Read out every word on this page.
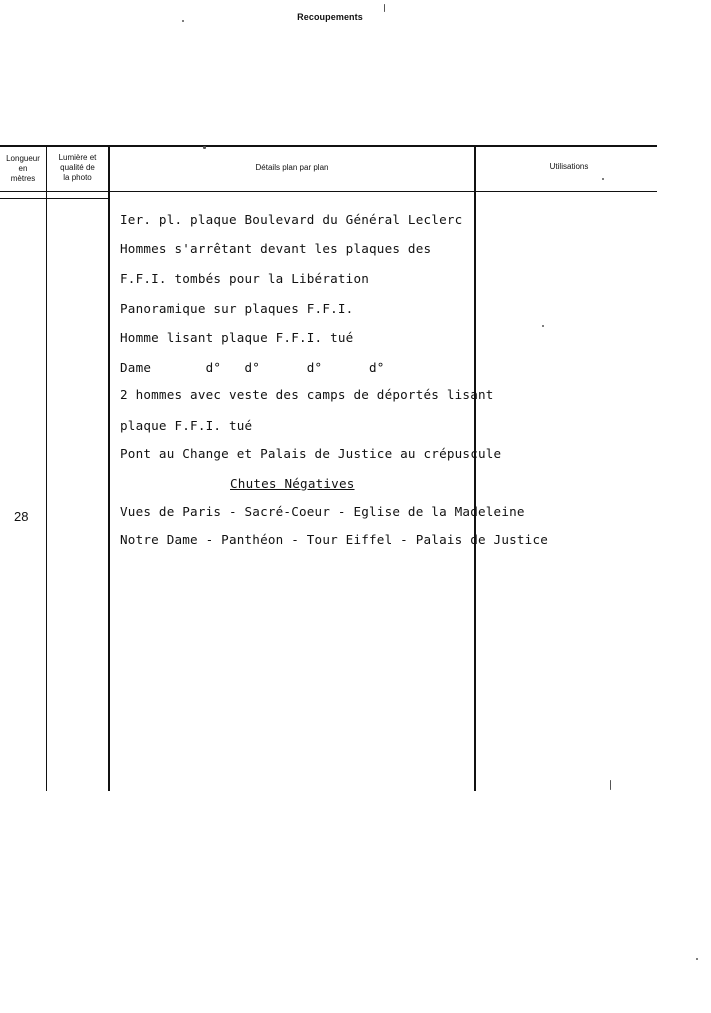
Recoupements
Longueur
en
mètres
Lumière et
qualité de
la photo
Détails plan par plan	Utilisations
28
Ier. pl. plaque Boulevard du Général Leclerc
Hommes s'arrêtant devant les plaques des
F.F.I. tombés pour la Libération
Panoramique sur plaques F.F.I.
Homme lisant plaque F.F.I. tué
Dame       d°   d°      d°      d°
2 hommes avec veste des camps de déportés lisant
plaque F.F.I. tué
Pont au Change et Palais de Justice au crépuscule
Chutes Négatives
Vues de Paris - Sacré-Coeur - Eglise de la Madeleine
Notre Dame - Panthéon - Tour Eiffel - Palais de Justice
